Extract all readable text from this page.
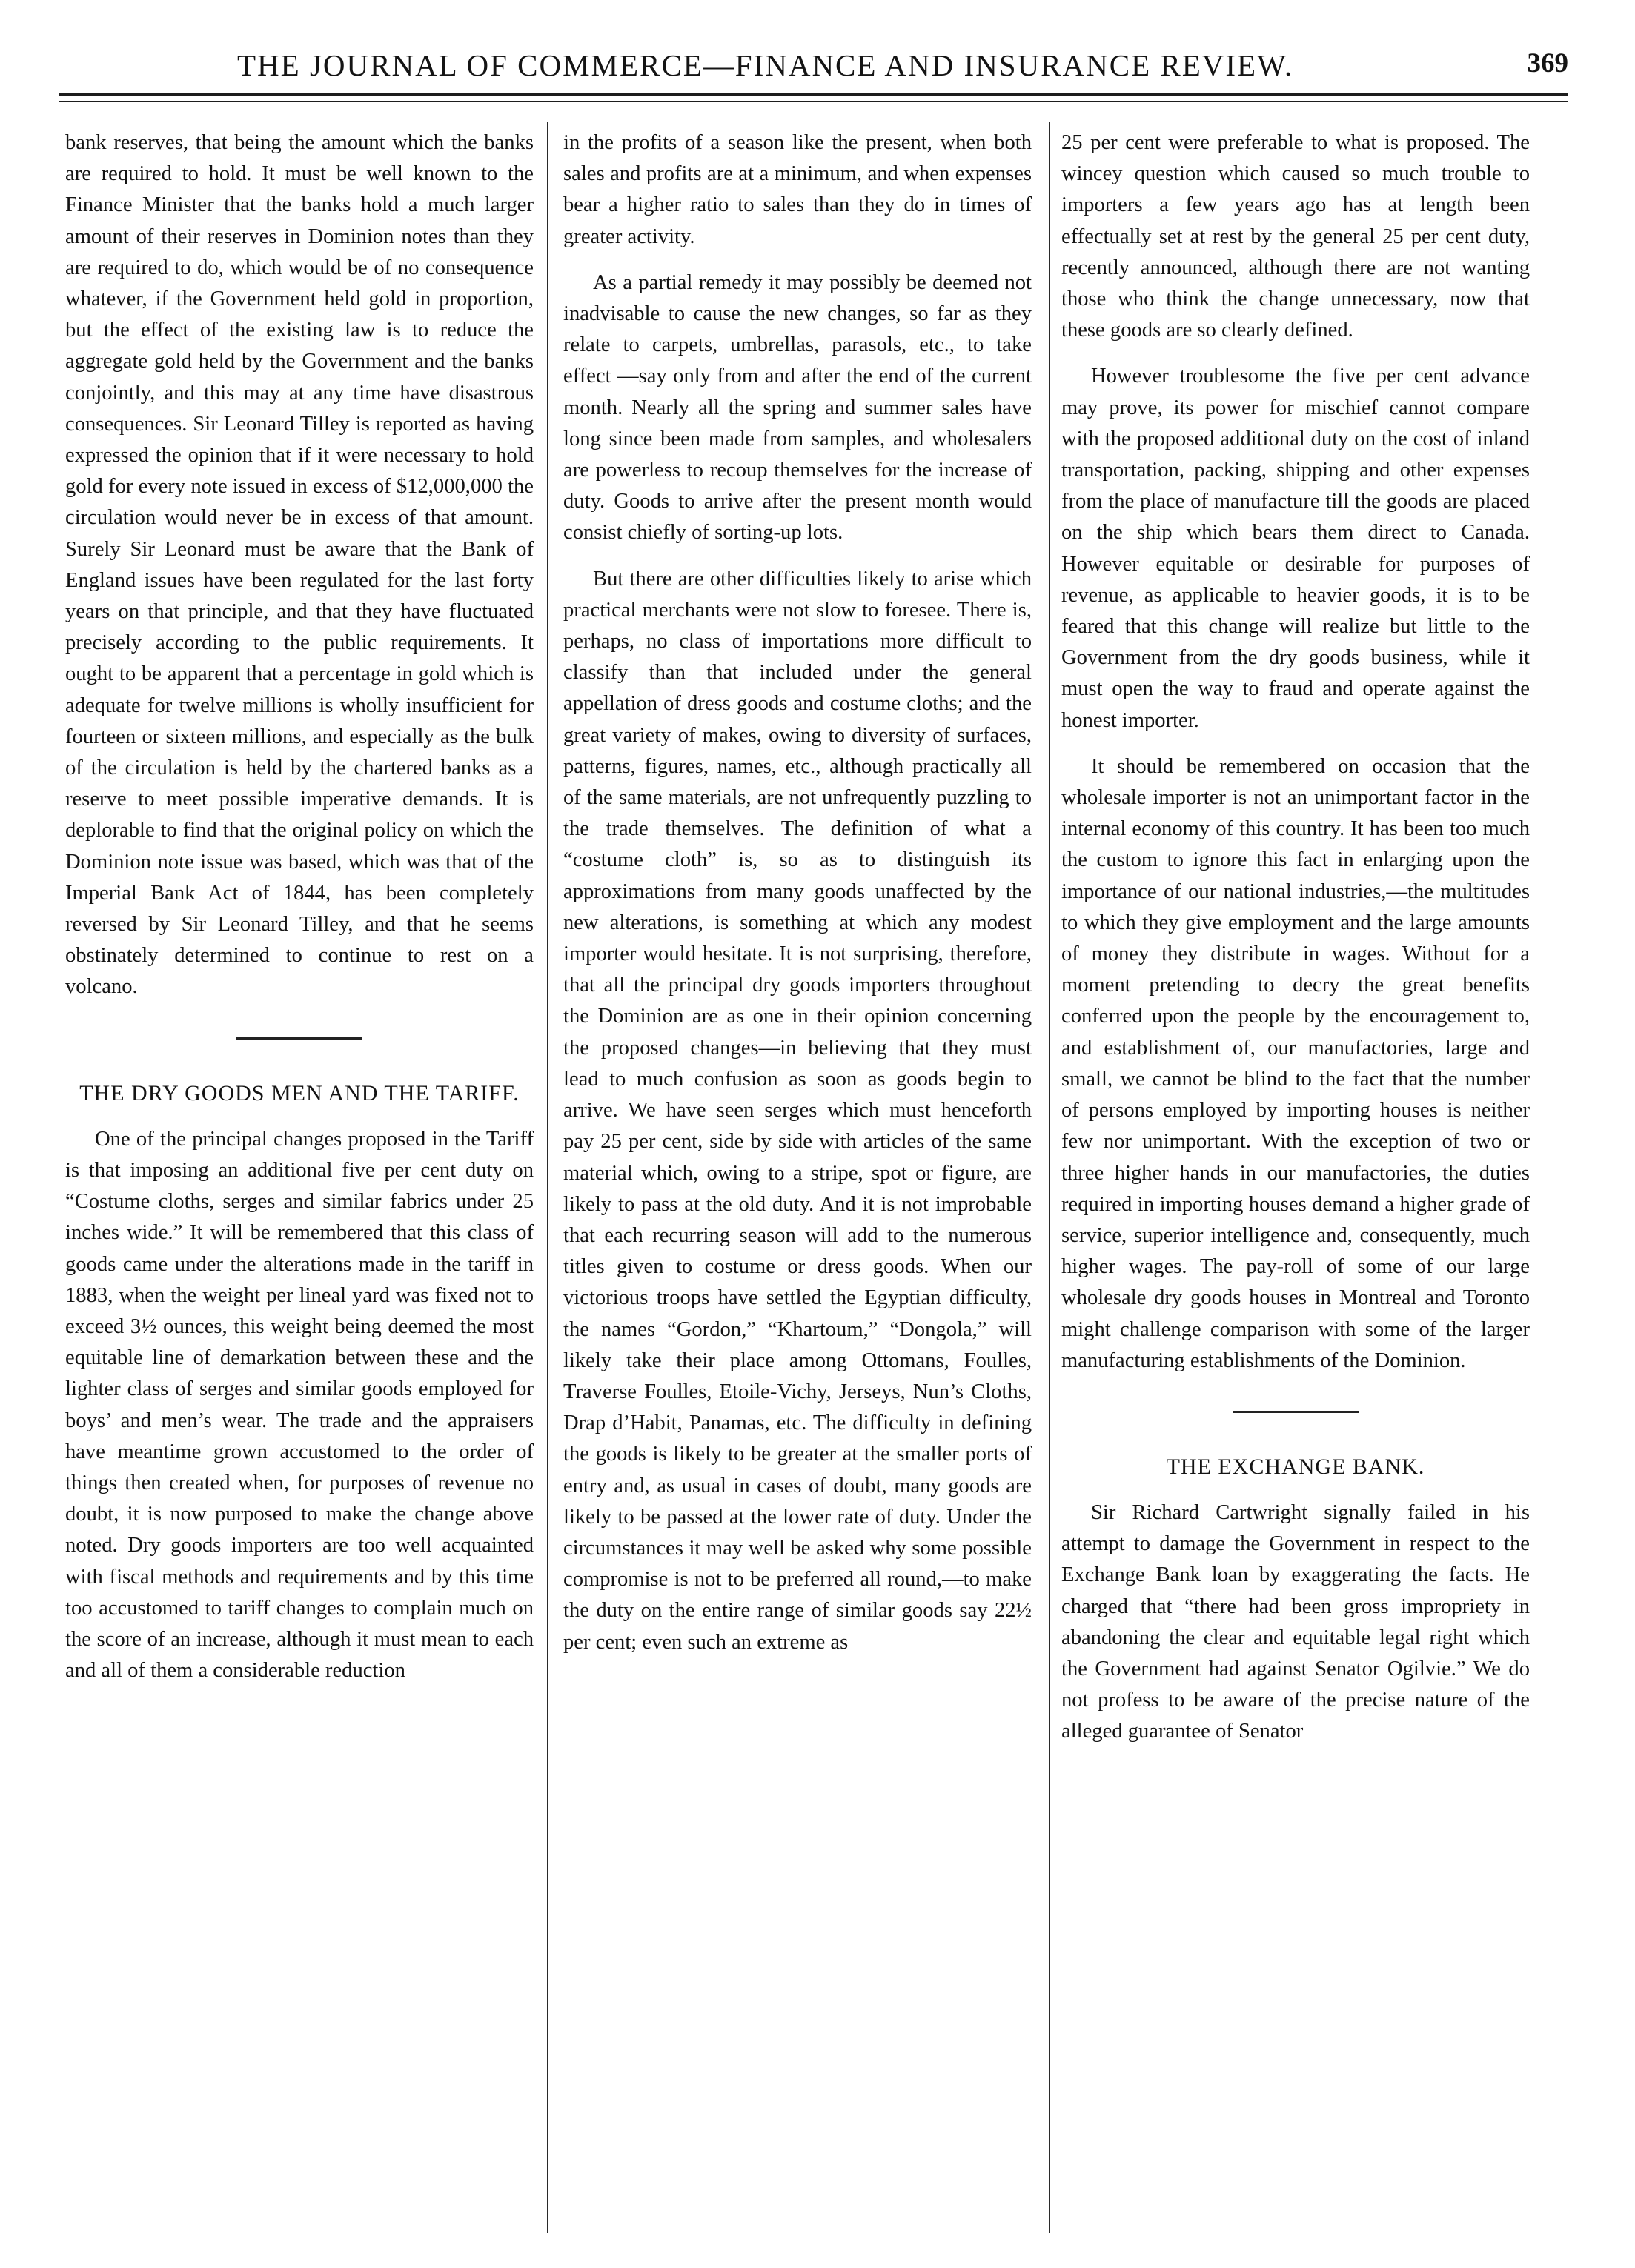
THE JOURNAL OF COMMERCE—FINANCE AND INSURANCE REVIEW.	369

bank reserves, that being the amount which the banks are required to hold. It must be well known to the Finance Minister that the banks hold a much larger amount of their reserves in Dominion notes than they are required to do, which would be of no consequence whatever, if the Government held gold in proportion, but the effect of the existing law is to reduce the aggregate gold held by the Government and the banks conjointly, and this may at any time have disastrous consequences. Sir Leonard Tilley is reported as having expressed the opinion that if it were necessary to hold gold for every note issued in excess of $12,000,000 the circulation would never be in excess of that amount. Surely Sir Leonard must be aware that the Bank of England issues have been regulated for the last forty years on that principle, and that they have fluctuated precisely according to the public requirements. It ought to be apparent that a percentage in gold which is adequate for twelve millions is wholly insufficient for fourteen or sixteen millions, and especially as the bulk of the circulation is held by the chartered banks as a reserve to meet possible imperative demands. It is deplorable to find that the original policy on which the Dominion note issue was based, which was that of the Imperial Bank Act of 1844, has been completely reversed by Sir Leonard Tilley, and that he seems obstinately determined to continue to rest on a volcano.

THE DRY GOODS MEN AND THE TARIFF.

One of the principal changes proposed in the Tariff is that imposing an additional five per cent duty on “Costume cloths, serges and similar fabrics under 25 inches wide.” It will be remembered that this class of goods came under the alterations made in the tariff in 1883, when the weight per lineal yard was fixed not to exceed 3½ ounces, this weight being deemed the most equitable line of demarkation between these and the lighter class of serges and similar goods employed for boys’ and men’s wear. The trade and the appraisers have meantime grown accustomed to the order of things then created when, for purposes of revenue no doubt, it is now purposed to make the change above noted. Dry goods importers are too well acquainted with fiscal methods and requirements and by this time too accustomed to tariff changes to complain much on the score of an increase, although it must mean to each and all of them a considerable reduction

in the profits of a season like the present, when both sales and profits are at a minimum, and when expenses bear a higher ratio to sales than they do in times of greater activity.

As a partial remedy it may possibly be deemed not inadvisable to cause the new changes, so far as they relate to carpets, umbrellas, parasols, etc., to take effect —say only from and after the end of the current month. Nearly all the spring and summer sales have long since been made from samples, and wholesalers are powerless to recoup themselves for the increase of duty. Goods to arrive after the present month would consist chiefly of sorting-up lots.

But there are other difficulties likely to arise which practical merchants were not slow to foresee. There is, perhaps, no class of importations more difficult to classify than that included under the general appellation of dress goods and costume cloths; and the great variety of makes, owing to diversity of surfaces, patterns, figures, names, etc., although practically all of the same materials, are not unfrequently puzzling to the trade themselves. The definition of what a “costume cloth” is, so as to distinguish its approximations from many goods unaffected by the new alterations, is something at which any modest importer would hesitate. It is not surprising, therefore, that all the principal dry goods importers throughout the Dominion are as one in their opinion concerning the proposed changes—in believing that they must lead to much confusion as soon as goods begin to arrive. We have seen serges which must henceforth pay 25 per cent, side by side with articles of the same material which, owing to a stripe, spot or figure, are likely to pass at the old duty. And it is not improbable that each recurring season will add to the numerous titles given to costume or dress goods. When our victorious troops have settled the Egyptian difficulty, the names “Gordon,” “Khartoum,” “Dongola,” will likely take their place among Ottomans, Foulles, Traverse Foulles, Etoile-Vichy, Jerseys, Nun’s Cloths, Drap d’Habit, Panamas, etc. The difficulty in defining the goods is likely to be greater at the smaller ports of entry and, as usual in cases of doubt, many goods are likely to be passed at the lower rate of duty. Under the circumstances it may well be asked why some possible compromise is not to be preferred all round,—to make the duty on the entire range of similar goods say 22½ per cent; even such an extreme as

25 per cent were preferable to what is proposed. The wincey question which caused so much trouble to importers a few years ago has at length been effectually set at rest by the general 25 per cent duty, recently announced, although there are not wanting those who think the change unnecessary, now that these goods are so clearly defined.

However troublesome the five per cent advance may prove, its power for mischief cannot compare with the proposed additional duty on the cost of inland transportation, packing, shipping and other expenses from the place of manufacture till the goods are placed on the ship which bears them direct to Canada. However equitable or desirable for purposes of revenue, as applicable to heavier goods, it is to be feared that this change will realize but little to the Government from the dry goods business, while it must open the way to fraud and operate against the honest importer.

It should be remembered on occasion that the wholesale importer is not an unimportant factor in the internal economy of this country. It has been too much the custom to ignore this fact in enlarging upon the importance of our national industries,—the multitudes to which they give employment and the large amounts of money they distribute in wages. Without for a moment pretending to decry the great benefits conferred upon the people by the encouragement to, and establishment of, our manufactories, large and small, we cannot be blind to the fact that the number of persons employed by importing houses is neither few nor unimportant. With the exception of two or three higher hands in our manufactories, the duties required in importing houses demand a higher grade of service, superior intelligence and, consequently, much higher wages. The pay-roll of some of our large wholesale dry goods houses in Montreal and Toronto might challenge comparison with some of the larger manufacturing establishments of the Dominion.

THE EXCHANGE BANK.

Sir Richard Cartwright signally failed in his attempt to damage the Government in respect to the Exchange Bank loan by exaggerating the facts. He charged that “there had been gross impropriety in abandoning the clear and equitable legal right which the Government had against Senator Ogilvie.” We do not profess to be aware of the precise nature of the alleged guarantee of Senator
